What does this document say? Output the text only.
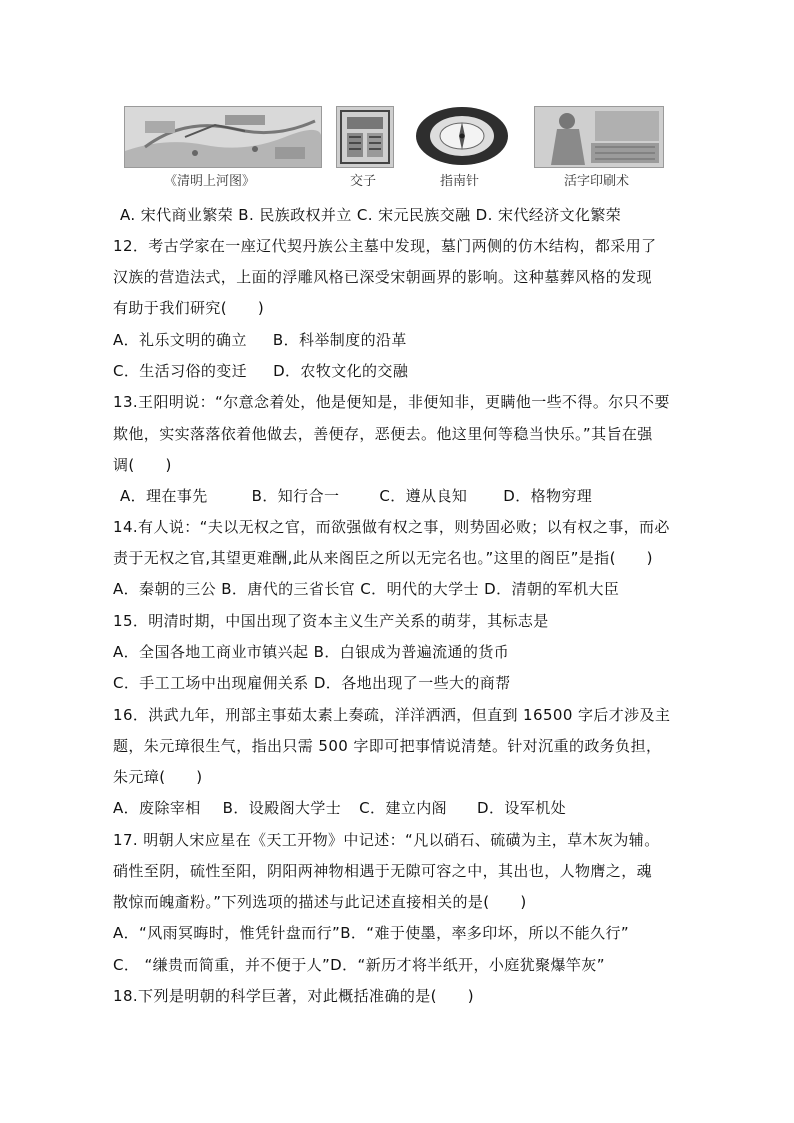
《清明上河图》	交子	指南针	活字印刷术
A. 宋代商业繁荣 B. 民族政权并立 C. 宋元民族交融 D. 宋代经济文化繁荣
12．考古学家在一座辽代契丹族公主墓中发现，墓门两侧的仿木结构，都采用了
汉族的营造法式，上面的浮雕风格已深受宋朝画界的影响。这种墓葬风格的发现
有助于我们研究(　　)
A．礼乐文明的确立 B．科举制度的沿革
C．生活习俗的变迁 D．农牧文化的交融
13.王阳明说：“尔意念着处，他是便知是，非便知非，更瞒他一些不得。尔只不要
欺他，实实落落依着他做去，善便存，恶便去。他这里何等稳当快乐。”其旨在强
调(　　)
A．理在事先	B．知行合一	C．遵从良知 D．格物穷理
14.有人说：“夫以无权之官，而欲强做有权之事，则势固必败；以有权之事，而必
责于无权之官,其望更难酬,此从来阁臣之所以无完名也。”这里的阁臣”是指(　　)
A．秦朝的三公 B．唐代的三省长官 C．明代的大学士 D．清朝的军机大臣
15．明清时期，中国出现了资本主义生产关系的萌芽，其标志是
A．全国各地工商业市镇兴起 B．白银成为普遍流通的货币
C．手工工场中出现雇佣关系 D．各地出现了一些大的商帮
16．洪武九年，刑部主事茹太素上奏疏，洋洋洒洒，但直到 16500 字后才涉及主
题，朱元璋很生气，指出只需 500 字即可把事情说清楚。针对沉重的政务负担，
朱元璋(　　)
A．废除宰相 B．设殿阁大学士 C．建立内阁 D．设军机处
17. 明朝人宋应星在《天工开物》中记述：“凡以硝石、硫磺为主，草木灰为辅。
硝性至阴，硫性至阳，阴阳两神物相遇于无隙可容之中，其出也，人物膺之，魂
散惊而魄齑粉。”下列选项的描述与此记述直接相关的是(　　)
A．“风雨冥晦时，惟凭针盘而行”B．“难于使墨，率多印坏，所以不能久行”
C． “缣贵而简重，并不便于人”D．“新历才将半纸开，小庭犹聚爆竿灰”
18.下列是明朝的科学巨著，对此概括准确的是(　　)
